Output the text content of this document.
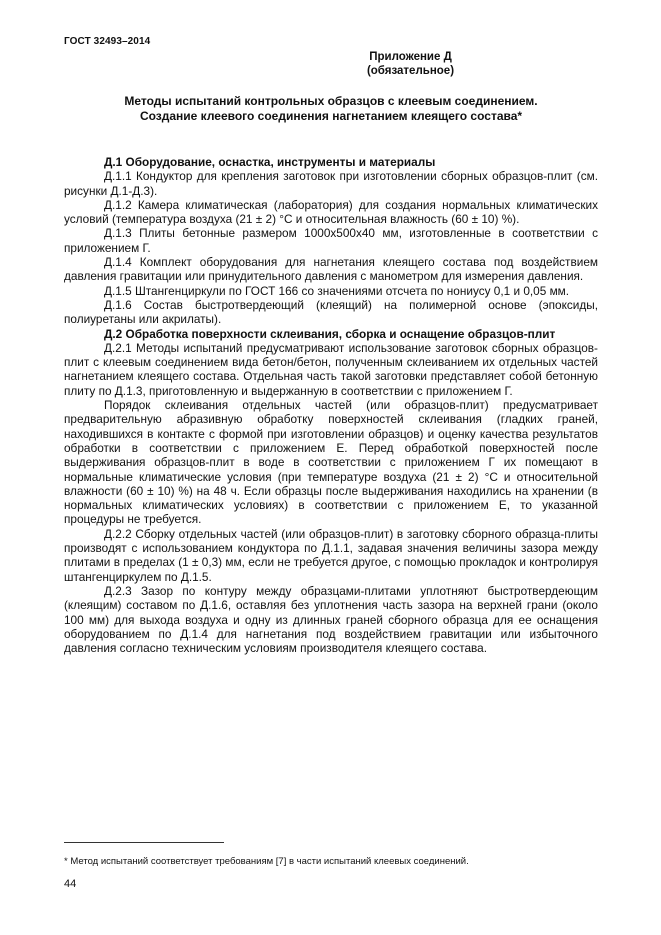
ГОСТ 32493–2014
Приложение Д
(обязательное)
Методы испытаний контрольных образцов с клеевым соединением.
Создание клеевого соединения нагнетанием клеящего состава*
Д.1 Оборудование, оснастка, инструменты и материалы

Д.1.1 Кондуктор для крепления заготовок при изготовлении сборных образцов-плит (см. рисунки Д.1-Д.3).

Д.1.2 Камера климатическая (лаборатория) для создания нормальных климатических условий (температура воздуха (21 ± 2) °С и относительная влажность (60 ± 10) %).

Д.1.3 Плиты бетонные размером 1000х500х40 мм, изготовленные в соответствии с приложением Г.

Д.1.4 Комплект оборудования для нагнетания клеящего состава под воздействием давления гравитации или принудительного давления с манометром для измерения давления.

Д.1.5 Штангенциркули по ГОСТ 166 со значениями отсчета по нониусу 0,1 и 0,05 мм.

Д.1.6 Состав быстротвердеющий (клеящий) на полимерной основе (эпоксиды, полиуретаны или акрилаты).

Д.2 Обработка поверхности склеивания, сборка и оснащение образцов-плит

Д.2.1 Методы испытаний предусматривают использование заготовок сборных образцов-плит с клеевым соединением вида бетон/бетон, полученным склеиванием их отдельных частей нагнетанием клеящего состава. Отдельная часть такой заготовки представляет собой бетонную плиту по Д.1.3, приготовленную и выдержанную в соответствии с приложением Г.

Порядок склеивания отдельных частей (или образцов-плит) предусматривает предварительную абразивную обработку поверхностей склеивания (гладких граней, находившихся в контакте с формой при изготовлении образцов) и оценку качества результатов обработки в соответствии с приложением Е. Перед обработкой поверхностей после выдерживания образцов-плит в воде в соответствии с приложением Г их помещают в нормальные климатические условия (при температуре воздуха (21 ± 2) °С и относительной влажности (60 ± 10) %) на 48 ч. Если образцы после выдерживания находились на хранении (в нормальных климатических условиях) в соответствии с приложением Е, то указанной процедуры не требуется.

Д.2.2 Сборку отдельных частей (или образцов-плит) в заготовку сборного образца-плиты производят с использованием кондуктора по Д.1.1, задавая значения величины зазора между плитами в пределах (1 ± 0,3) мм, если не требуется другое, с помощью прокладок и контролируя штангенциркулем по Д.1.5.

Д.2.3 Зазор по контуру между образцами-плитами уплотняют быстротвердеющим (клеящим) составом по Д.1.6, оставляя без уплотнения часть зазора на верхней грани (около 100 мм) для выхода воздуха и одну из длинных граней сборного образца для ее оснащения оборудованием по Д.1.4 для нагнетания под воздействием гравитации или избыточного давления согласно техническим условиям производителя клеящего состава.

* Метод испытаний соответствует требованиям [7] в части испытаний клеевых соединений.
44
